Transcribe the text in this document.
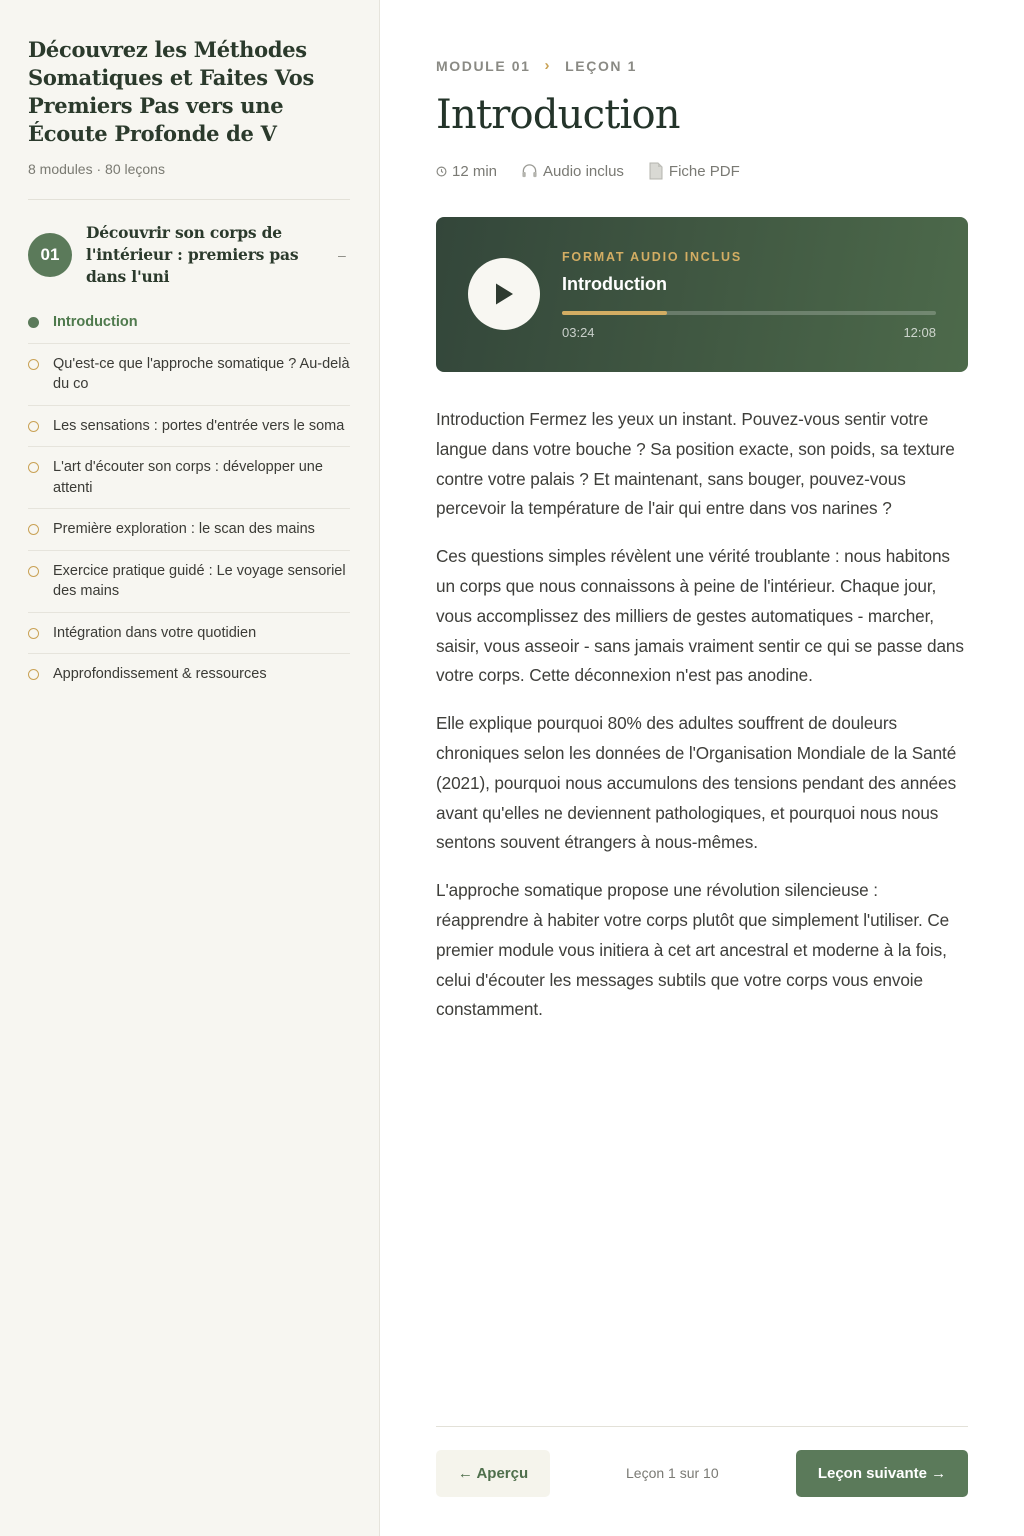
Découvrez les Méthodes Somatiques et Faites Vos Premiers Pas vers une Écoute Profonde de V
8 modules · 80 leçons
01
Découvrir son corps de l'intérieur : premiers pas dans l'uni
–
Introduction
Qu'est-ce que l'approche somatique ? Au-delà du co
Les sensations : portes d'entrée vers le soma
L'art d'écouter son corps : développer une attenti
Première exploration : le scan des mains
Exercice pratique guidé : Le voyage sensoriel des mains
Intégration dans votre quotidien
Approfondissement & ressources
MODULE 01 › LEÇON 1
Introduction
12 min	Audio inclus	Fiche PDF
FORMAT AUDIO INCLUS
Introduction
03:24	12:08

Introduction Fermez les yeux un instant. Pouvez-vous sentir votre langue dans votre bouche ? Sa position exacte, son poids, sa texture contre votre palais ? Et maintenant, sans bouger, pouvez-vous percevoir la température de l'air qui entre dans vos narines ?

Ces questions simples révèlent une vérité troublante : nous habitons un corps que nous connaissons à peine de l'intérieur. Chaque jour, vous accomplissez des milliers de gestes automatiques - marcher, saisir, vous asseoir - sans jamais vraiment sentir ce qui se passe dans votre corps. Cette déconnexion n'est pas anodine.

Elle explique pourquoi 80% des adultes souffrent de douleurs chroniques selon les données de l'Organisation Mondiale de la Santé (2021), pourquoi nous accumulons des tensions pendant des années avant qu'elles ne deviennent pathologiques, et pourquoi nous nous sentons souvent étrangers à nous-mêmes.

L'approche somatique propose une révolution silencieuse : réapprendre à habiter votre corps plutôt que simplement l'utiliser. Ce premier module vous initiera à cet art ancestral et moderne à la fois, celui d'écouter les messages subtils que votre corps vous envoie constamment.

← Aperçu	Leçon 1 sur 10	Leçon suivante →
